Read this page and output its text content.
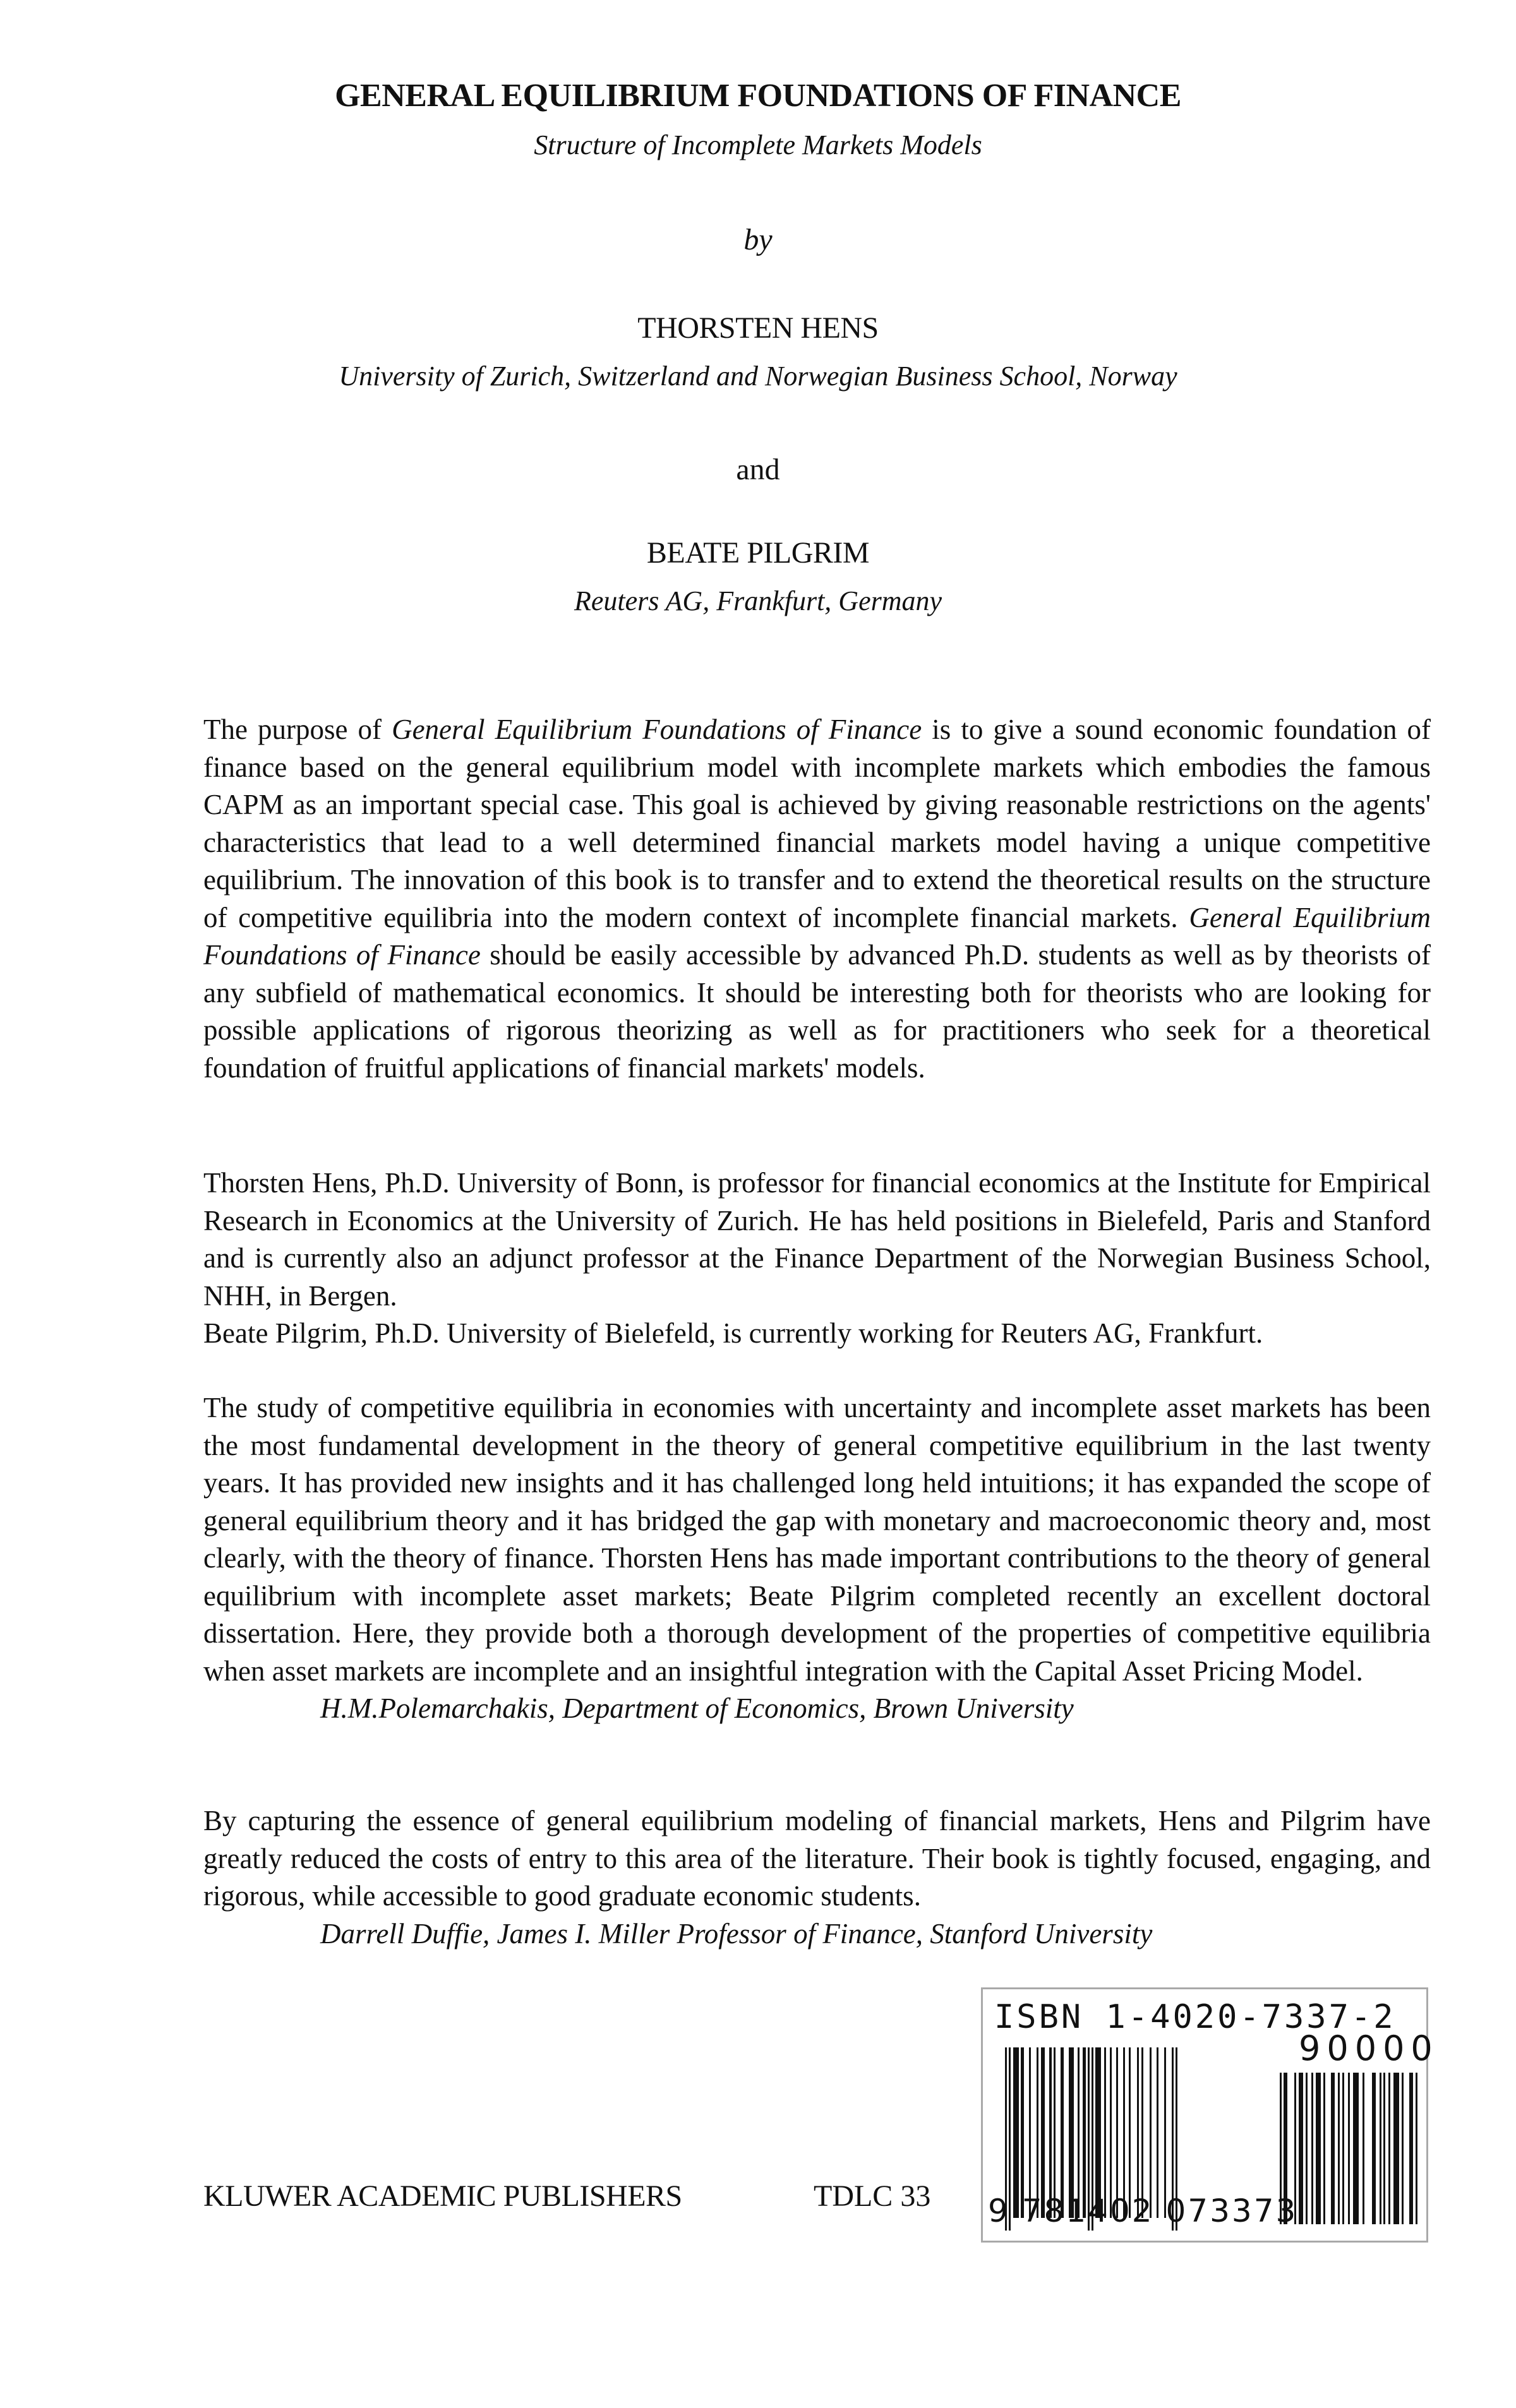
GENERAL EQUILIBRIUM FOUNDATIONS OF FINANCE
Structure of Incomplete Markets Models
by
THORSTEN HENS
University of Zurich, Switzerland and Norwegian Business School, Norway
and
BEATE PILGRIM
Reuters AG, Frankfurt, Germany

The purpose of General Equilibrium Foundations of Finance is to give a sound economic foundation of finance based on the general equilibrium model with incomplete markets which embodies the famous CAPM as an important special case. This goal is achieved by giving reasonable restrictions on the agents' characteristics that lead to a well determined financial markets model having a unique competitive equilibrium. The innovation of this book is to transfer and to extend the theoretical results on the structure of competitive equilibria into the modern context of incomplete financial markets. General Equilibrium Foundations of Finance should be easily accessible by advanced Ph.D. students as well as by theorists of any subfield of mathematical economics. It should be interesting both for theorists who are looking for possible applications of rigorous theorizing as well as for practitioners who seek for a theoretical foundation of fruitful applications of financial markets' models.

Thorsten Hens, Ph.D. University of Bonn, is professor for financial economics at the Institute for Empirical Research in Economics at the University of Zurich. He has held positions in Bielefeld, Paris and Stanford and is currently also an adjunct professor at the Finance Department of the Norwegian Business School, NHH, in Bergen.

Beate Pilgrim, Ph.D. University of Bielefeld, is currently working for Reuters AG, Frankfurt.

The study of competitive equilibria in economies with uncertainty and incomplete asset markets has been the most fundamental development in the theory of general competitive equilibrium in the last twenty years. It has provided new insights and it has challenged long held intuitions; it has expanded the scope of general equilibrium theory and it has bridged the gap with monetary and macroeconomic theory and, most clearly, with the theory of finance. Thorsten Hens has made important contributions to the theory of general equilibrium with incomplete asset markets; Beate Pilgrim completed recently an excellent doctoral dissertation. Here, they provide both a thorough development of the properties of competitive equilibria when asset markets are incomplete and an insightful integration with the Capital Asset Pricing Model.

H.M.Polemarchakis, Department of Economics, Brown University

By capturing the essence of general equilibrium modeling of financial markets, Hens and Pilgrim have greatly reduced the costs of entry to this area of the literature. Their book is tightly focused, engaging, and rigorous, while accessible to good graduate economic students.

Darrell Duffie, James I. Miller Professor of Finance, Stanford University
ISBN 1-4020-7337-2
90000
9 781402 073373
KLUWER ACADEMIC PUBLISHERS	TDLC 33
